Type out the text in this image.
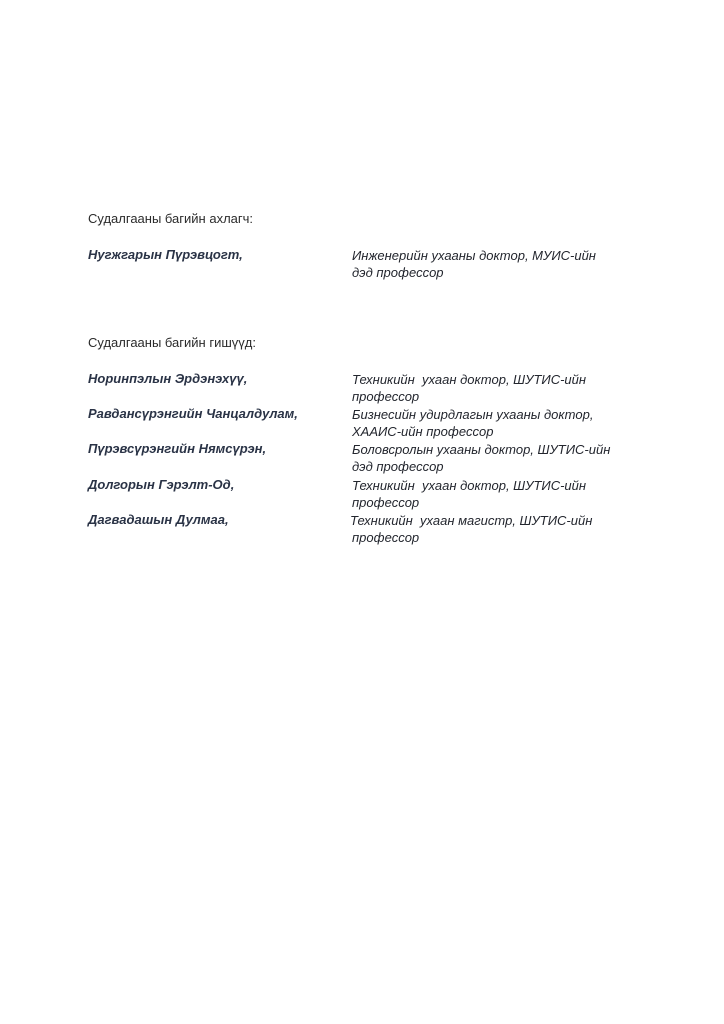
Судалгааны багийн ахлагч:
Нугжгарын Пүрэвцогт,	Инженерийн ухааны доктор, МУИС-ийн
дэд профессор
Судалгааны багийн гишүүд:
Норинпэлын Эрдэнэхүү,	Техникийн  ухаан доктор, ШУТИС-ийн
профессор
Равдансүрэнгийн Чанцалдулам,	Бизнесийн удирдлагын ухааны доктор,
ХААИС-ийн профессор
Пүрэвсүрэнгийн Нямсүрэн,	Боловсролын ухааны доктор, ШУТИС-ийн
дэд профессор
Долгорын Гэрэлт-Од,	Техникийн  ухаан доктор, ШУТИС-ийн
профессор
Дагвадашын Дулмаа,	Техникийн  ухаан магистр, ШУТИС-ийн
профессор
